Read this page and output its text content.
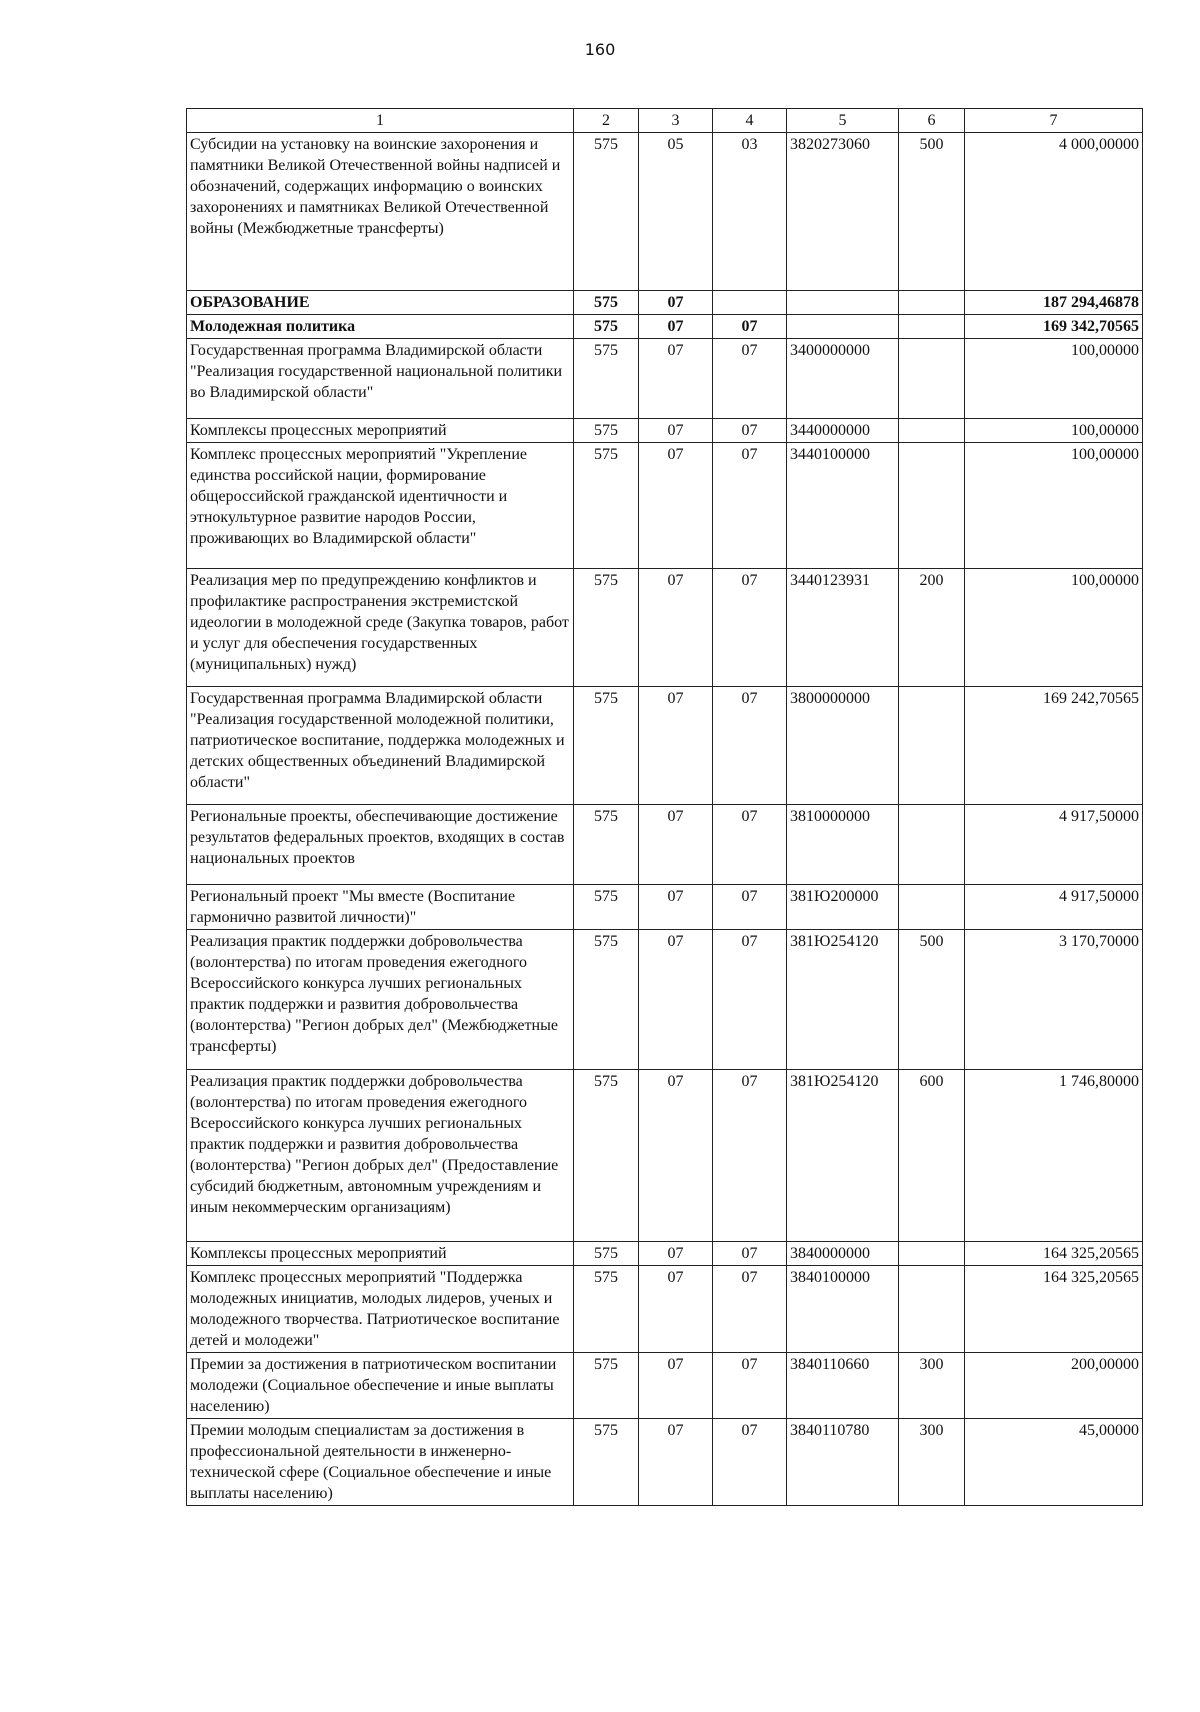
160
1	2	3	4	5	6	7
Субсидии на установку на воинские захоронения и памятники Великой Отечественной войны надписей и обозначений, содержащих информацию о воинских захоронениях и памятниках Великой Отечественной войны (Межбюджетные трансферты)	575	05	03	3820273060	500	4 000,00000
ОБРАЗОВАНИЕ	575	07				187 294,46878
Молодежная политика	575	07	07			169 342,70565
Государственная программа Владимирской области "Реализация государственной национальной политики во Владимирской области"	575	07	07	3400000000		100,00000
Комплексы процессных мероприятий	575	07	07	3440000000		100,00000
Комплекс процессных мероприятий "Укрепление единства российской нации, формирование общероссийской гражданской идентичности и этнокультурное развитие народов России, проживающих во Владимирской области"	575	07	07	3440100000		100,00000
Реализация мер по предупреждению конфликтов и профилактике распространения экстремистской идеологии в молодежной среде (Закупка товаров, работ и услуг для обеспечения государственных (муниципальных) нужд)	575	07	07	3440123931	200	100,00000
Государственная программа Владимирской области "Реализация государственной молодежной политики, патриотическое воспитание, поддержка молодежных и детских общественных объединений Владимирской области"	575	07	07	3800000000		169 242,70565
Региональные проекты, обеспечивающие достижение результатов федеральных проектов, входящих в состав национальных проектов	575	07	07	3810000000		4 917,50000
Региональный проект "Мы вместе (Воспитание гармонично развитой личности)"	575	07	07	381Ю200000		4 917,50000
Реализация практик поддержки добровольчества (волонтерства) по итогам проведения ежегодного Всероссийского конкурса лучших региональных практик поддержки и развития добровольчества (волонтерства) "Регион добрых дел" (Межбюджетные трансферты)	575	07	07	381Ю254120	500	3 170,70000
Реализация практик поддержки добровольчества (волонтерства) по итогам проведения ежегодного Всероссийского конкурса лучших региональных практик поддержки и развития добровольчества (волонтерства) "Регион добрых дел" (Предоставление субсидий бюджетным, автономным учреждениям и иным некоммерческим организациям)	575	07	07	381Ю254120	600	1 746,80000
Комплексы процессных мероприятий	575	07	07	3840000000		164 325,20565
Комплекс процессных мероприятий "Поддержка молодежных инициатив, молодых лидеров, ученых и молодежного творчества. Патриотическое воспитание детей и молодежи"	575	07	07	3840100000		164 325,20565
Премии за достижения в патриотическом воспитании молодежи (Социальное обеспечение и иные выплаты населению)	575	07	07	3840110660	300	200,00000
Премии молодым специалистам за достижения в профессиональной деятельности в инженерно-технической сфере (Социальное обеспечение и иные выплаты населению)	575	07	07	3840110780	300	45,00000
